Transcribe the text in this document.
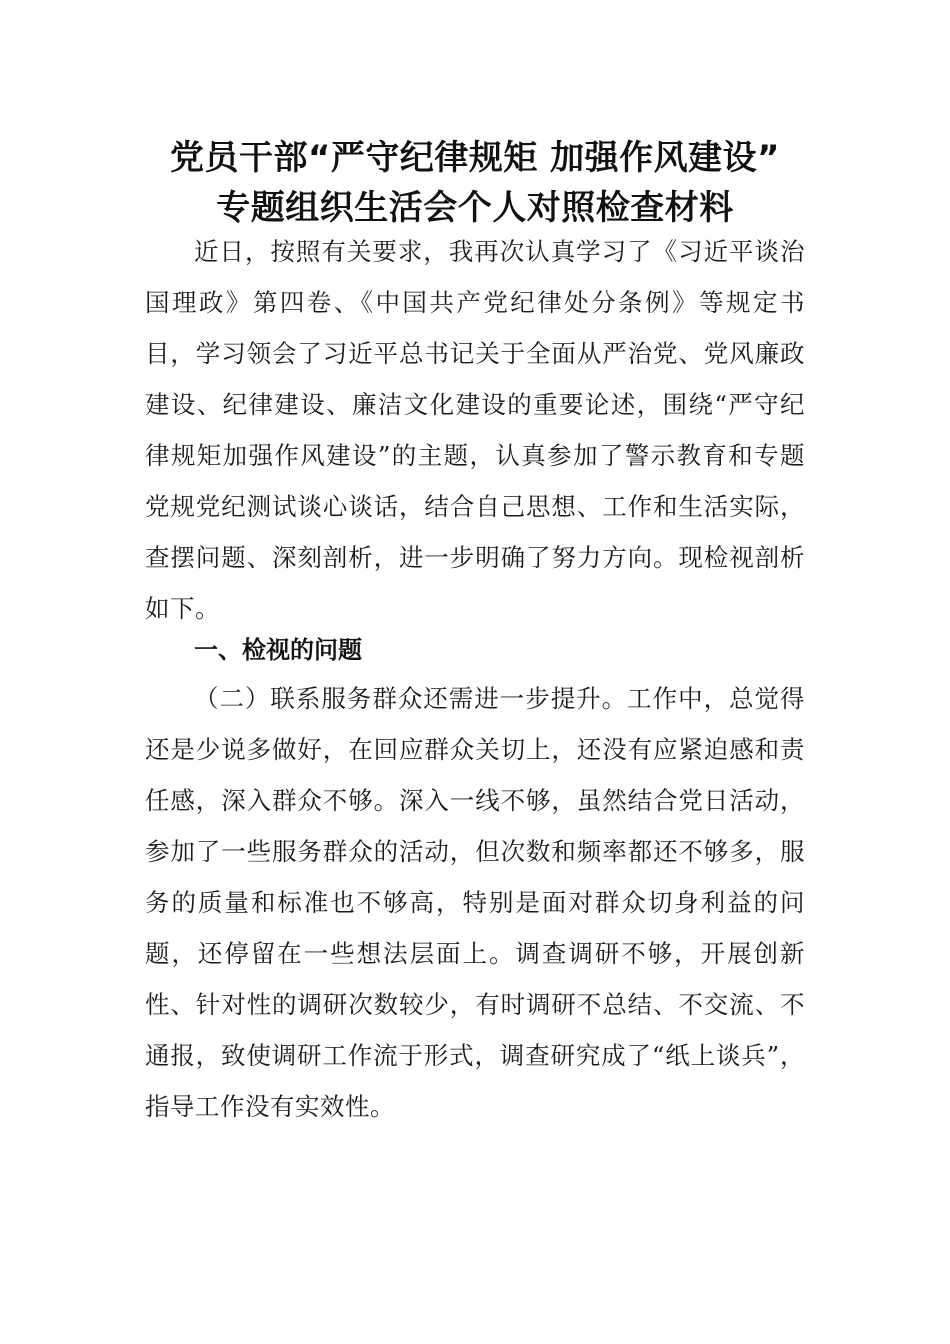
党员干部“严守纪律规矩 加强作风建设”
专题组织生活会个人对照检查材料

近日，按照有关要求，我再次认真学习了《习近平谈治国理政》第四卷、《中国共产党纪律处分条例》等规定书目，学习领会了习近平总书记关于全面从严治党、党风廉政建设、纪律建设、廉洁文化建设的重要论述，围绕“严守纪律规矩加强作风建设”的主题，认真参加了警示教育和专题党规党纪测试谈心谈话，结合自己思想、工作和生活实际，查摆问题、深刻剖析，进一步明确了努力方向。现检视剖析如下。

一、检视的问题

（二）联系服务群众还需进一步提升。工作中，总觉得还是少说多做好，在回应群众关切上，还没有应紧迫感和责任感，深入群众不够。深入一线不够，虽然结合党日活动，参加了一些服务群众的活动，但次数和频率都还不够多，服务的质量和标准也不够高，特别是面对群众切身利益的问题，还停留在一些想法层面上。调查调研不够，开展创新性、针对性的调研次数较少，有时调研不总结、不交流、不通报，致使调研工作流于形式，调查研究成了“纸上谈兵”，指导工作没有实效性。
